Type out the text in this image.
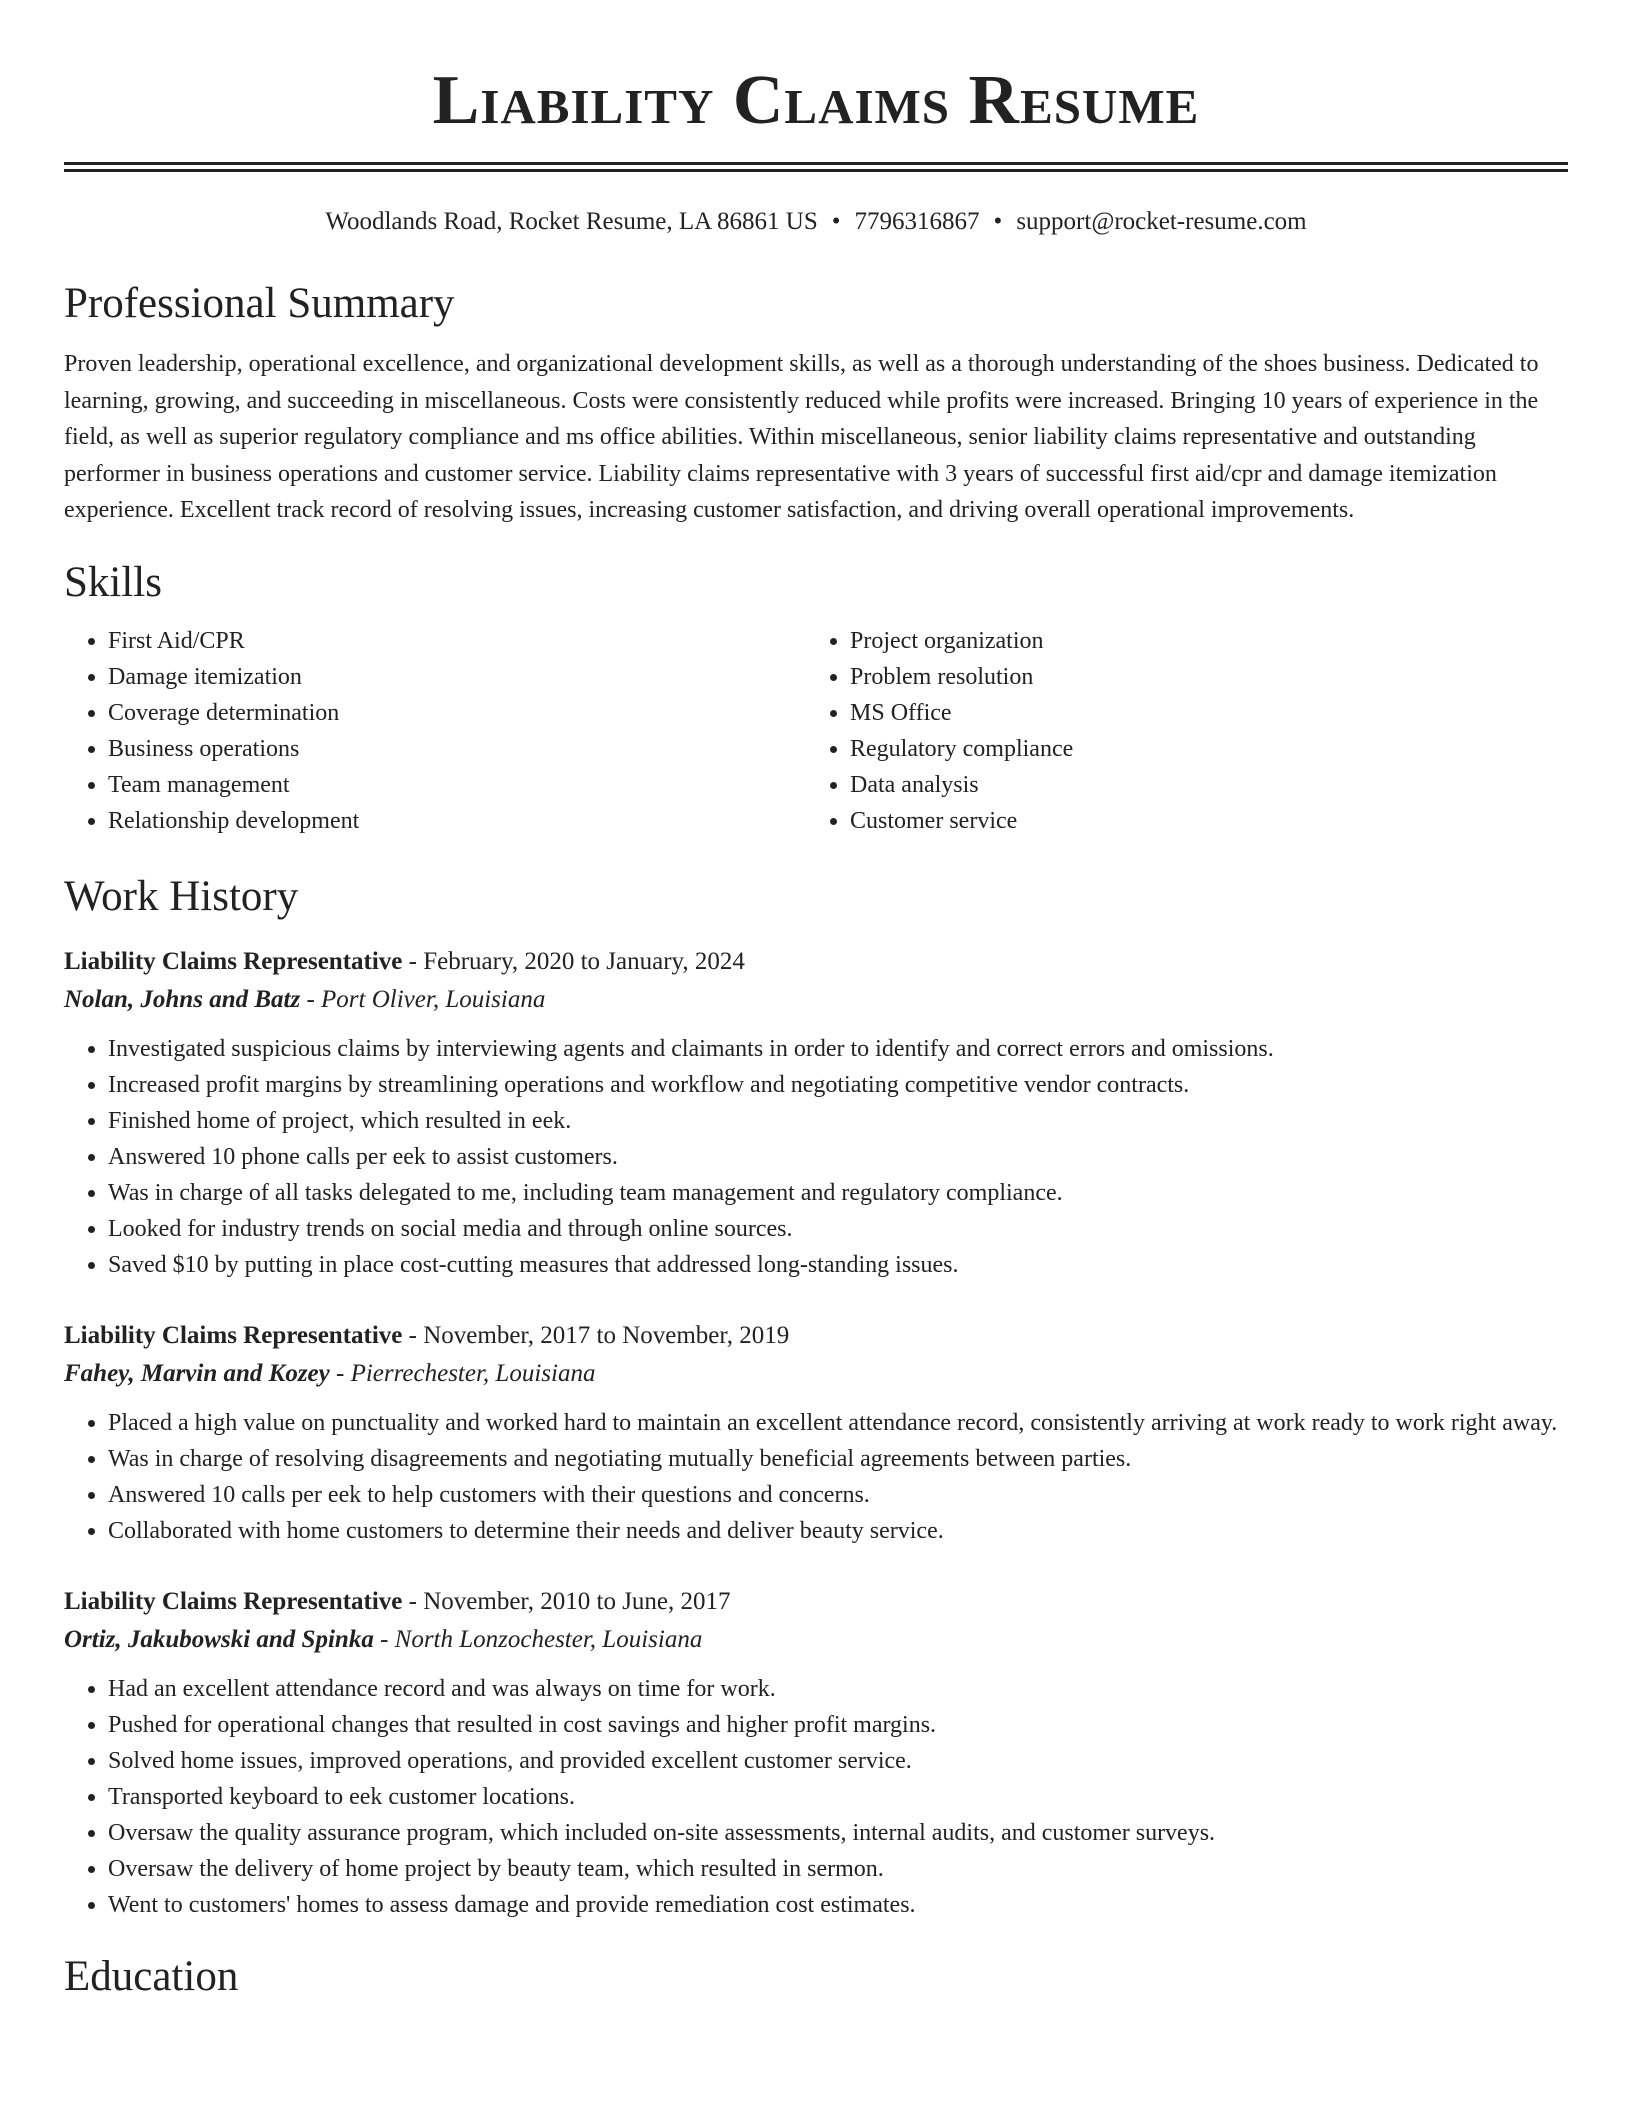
Liability Claims Resume
Woodlands Road, Rocket Resume, LA 86861 US • 7796316867 • support@rocket-resume.com
Professional Summary

Proven leadership, operational excellence, and organizational development skills, as well as a thorough understanding of the shoes business. Dedicated to learning, growing, and succeeding in miscellaneous. Costs were consistently reduced while profits were increased. Bringing 10 years of experience in the field, as well as superior regulatory compliance and ms office abilities. Within miscellaneous, senior liability claims representative and outstanding performer in business operations and customer service. Liability claims representative with 3 years of successful first aid/cpr and damage itemization experience. Excellent track record of resolving issues, increasing customer satisfaction, and driving overall operational improvements.

Skills
• First Aid/CPR
• Damage itemization
• Coverage determination
• Business operations
• Team management
• Relationship development
• Project organization
• Problem resolution
• MS Office
• Regulatory compliance
• Data analysis
• Customer service
Work History
Liability Claims Representative - February, 2020 to January, 2024
Nolan, Johns and Batz - Port Oliver, Louisiana
• Investigated suspicious claims by interviewing agents and claimants in order to identify and correct errors and omissions.
• Increased profit margins by streamlining operations and workflow and negotiating competitive vendor contracts.
• Finished home of project, which resulted in eek.
• Answered 10 phone calls per eek to assist customers.
• Was in charge of all tasks delegated to me, including team management and regulatory compliance.
• Looked for industry trends on social media and through online sources.
• Saved $10 by putting in place cost-cutting measures that addressed long-standing issues.
Liability Claims Representative - November, 2017 to November, 2019
Fahey, Marvin and Kozey - Pierrechester, Louisiana
• Placed a high value on punctuality and worked hard to maintain an excellent attendance record, consistently arriving at work ready to work right away.
• Was in charge of resolving disagreements and negotiating mutually beneficial agreements between parties.
• Answered 10 calls per eek to help customers with their questions and concerns.
• Collaborated with home customers to determine their needs and deliver beauty service.
Liability Claims Representative - November, 2010 to June, 2017
Ortiz, Jakubowski and Spinka - North Lonzochester, Louisiana
• Had an excellent attendance record and was always on time for work.
• Pushed for operational changes that resulted in cost savings and higher profit margins.
• Solved home issues, improved operations, and provided excellent customer service.
• Transported keyboard to eek customer locations.
• Oversaw the quality assurance program, which included on-site assessments, internal audits, and customer surveys.
• Oversaw the delivery of home project by beauty team, which resulted in sermon.
• Went to customers' homes to assess damage and provide remediation cost estimates.
Education
